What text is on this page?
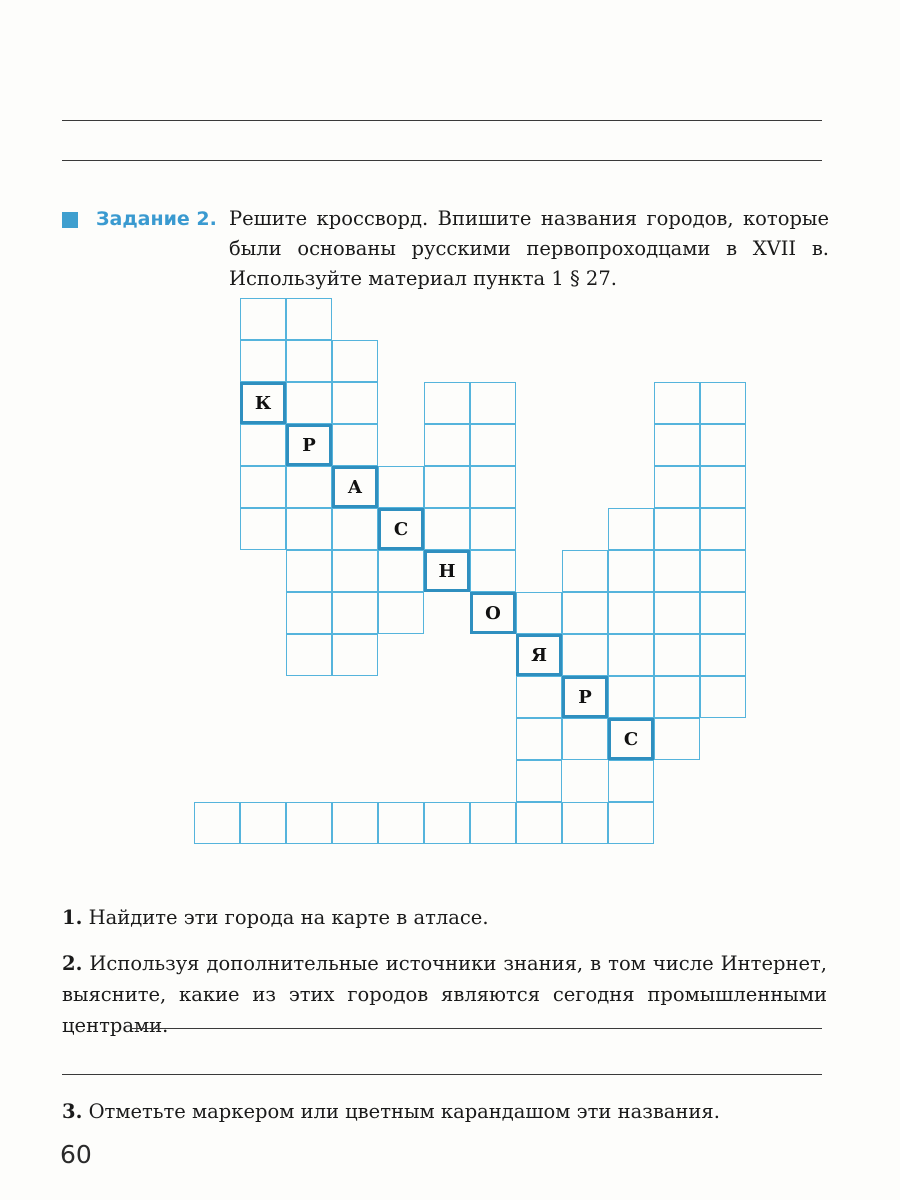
Задание 2. Решите кроссворд. Впишите названия городов, которые были основаны русскими первопроходцами в XVII в. Используйте материал пункта 1 § 27.
К
Р
А
С
Н
О
Я
Р
С
1. Найдите эти города на карте в атласе.
2. Используя дополнительные источники знания, в том числе Интернет, выясните, какие из этих городов являются сегодня промышленными центрами.
3. Отметьте маркером или цветным карандашом эти названия.
60
